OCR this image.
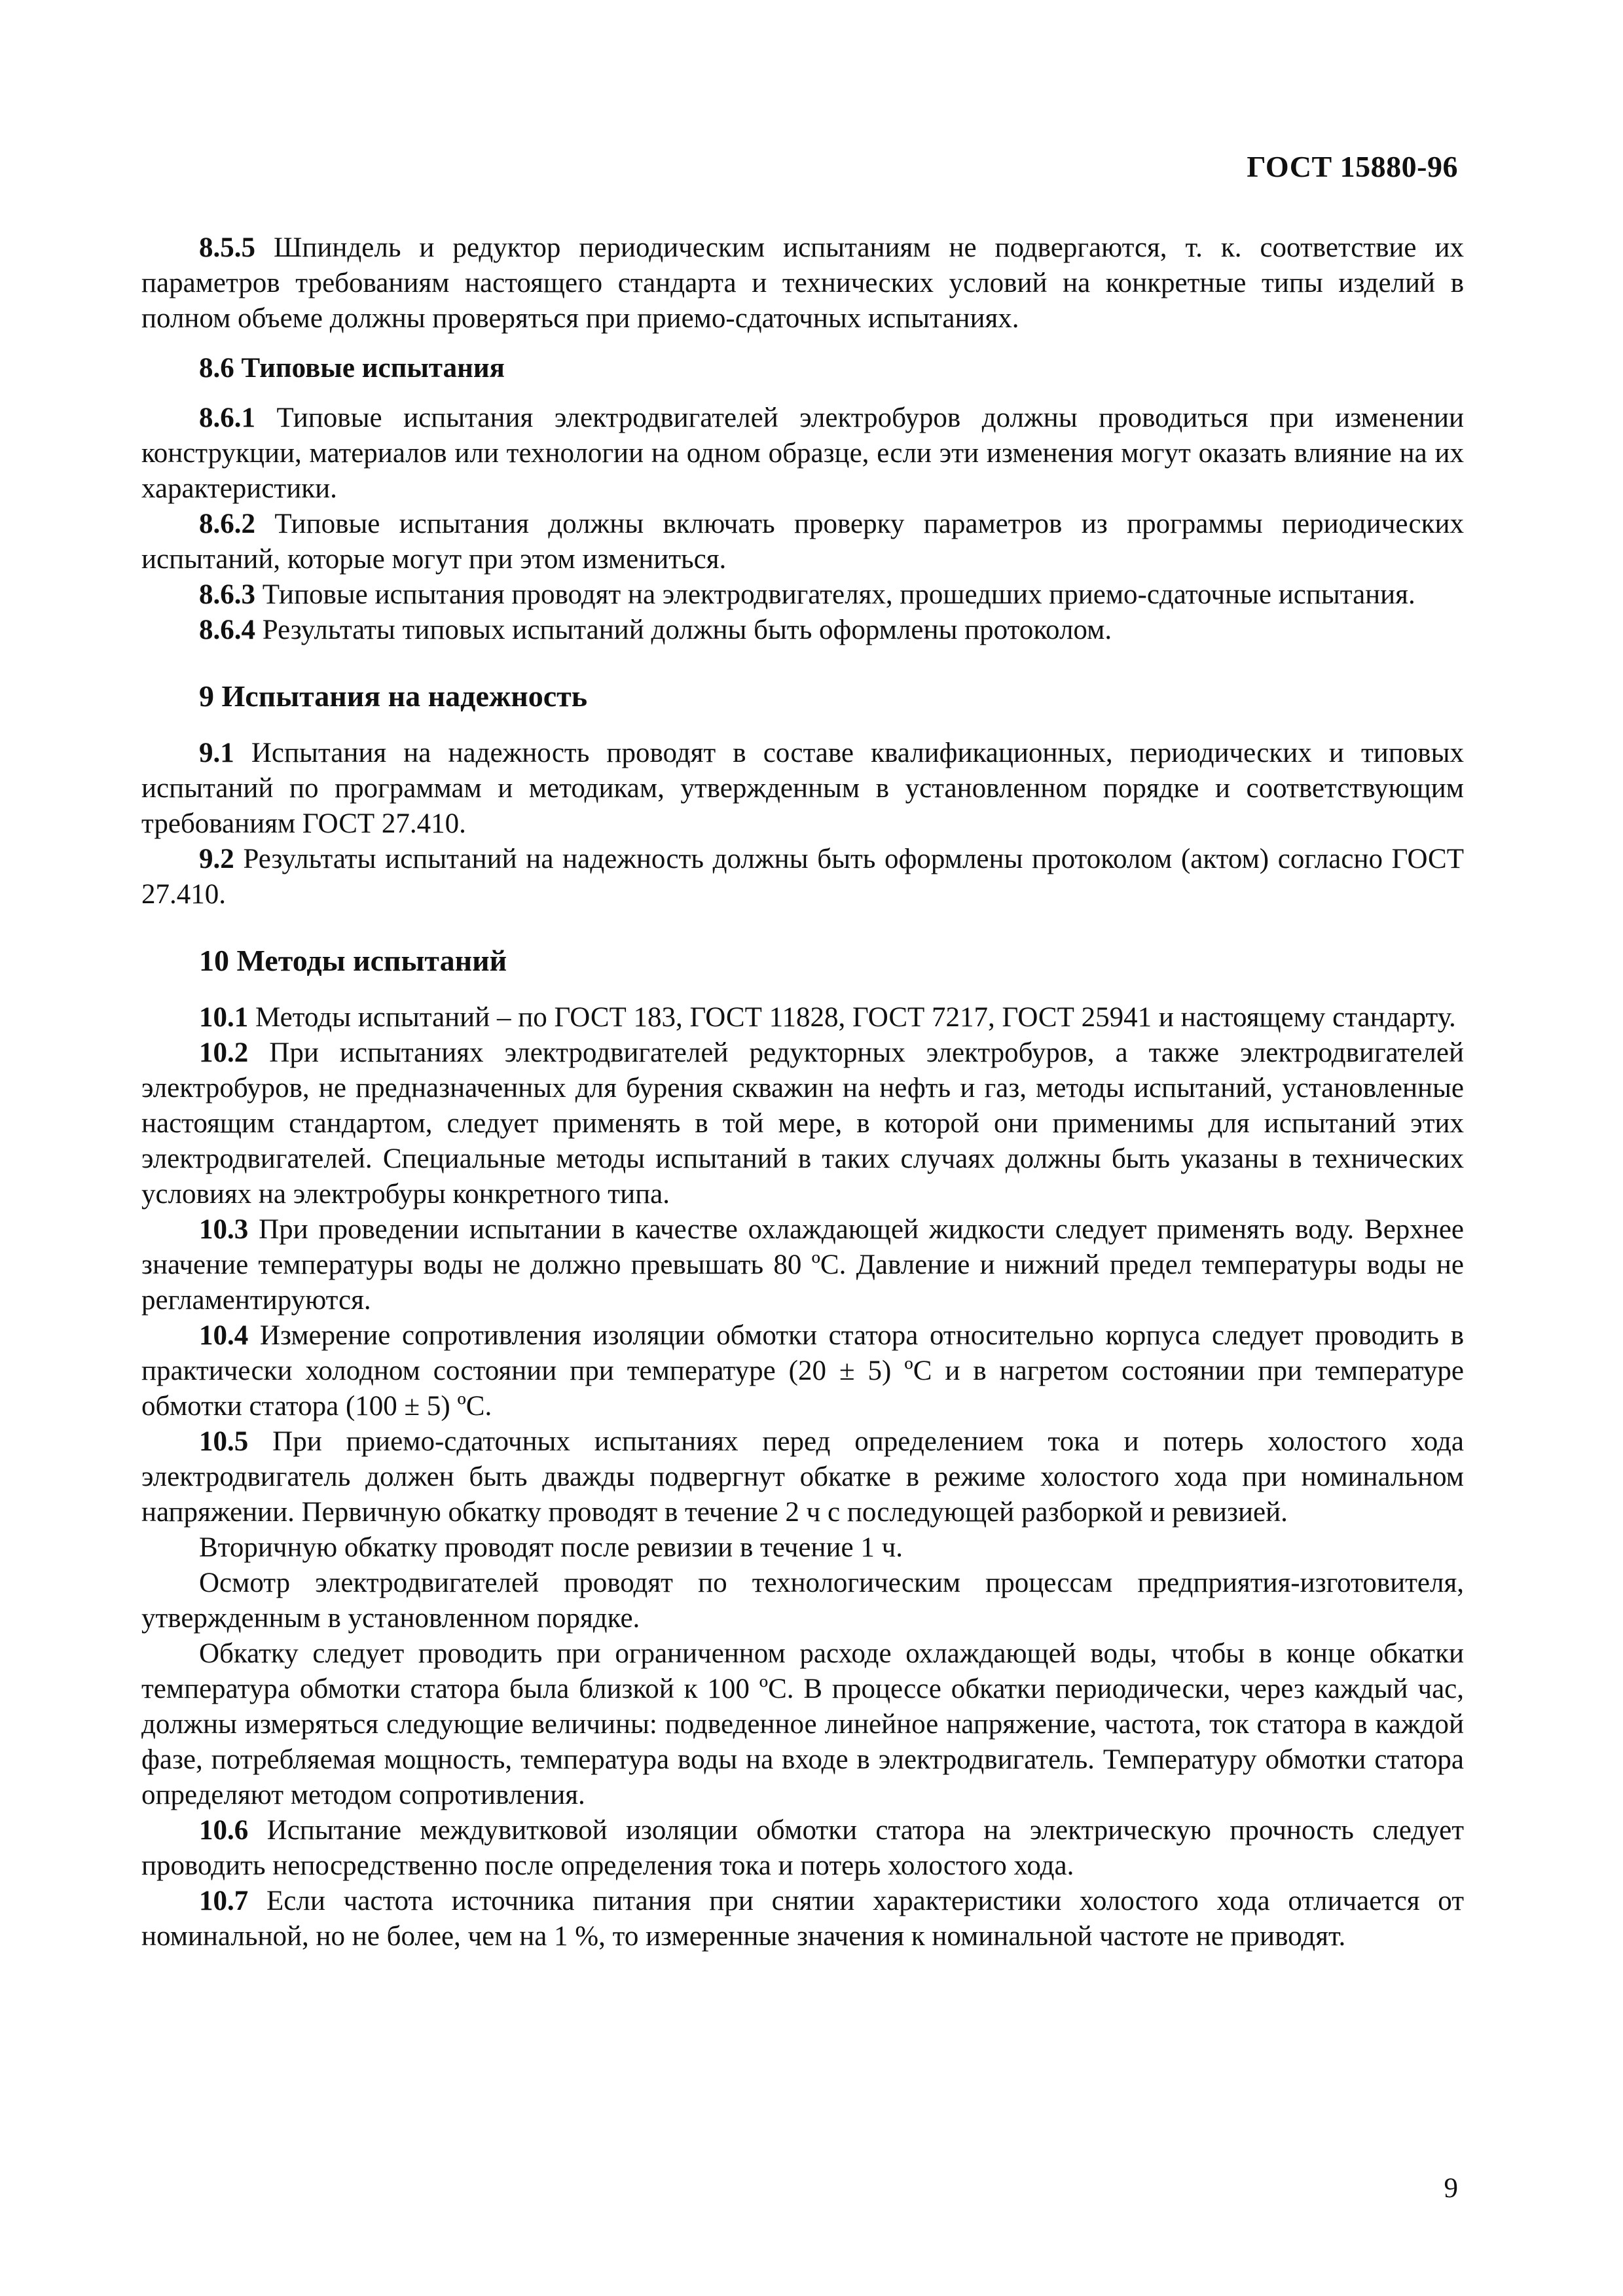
ГОСТ 15880-96

8.5.5 Шпиндель и редуктор периодическим испытаниям не подвергаются, т. к. соответствие их параметров требованиям настоящего стандарта и технических условий на конкретные типы изделий в полном объеме должны проверяться при приемо-сдаточных испытаниях.

8.6 Типовые испытания

8.6.1 Типовые испытания электродвигателей электробуров должны проводиться при изменении конструкции, материалов или технологии на одном образце, если эти изменения могут оказать влияние на их характеристики.

8.6.2 Типовые испытания должны включать проверку параметров из программы периодических испытаний, которые могут при этом измениться.

8.6.3 Типовые испытания проводят на электродвигателях, прошедших приемо-сдаточные испытания.

8.6.4 Результаты типовых испытаний должны быть оформлены протоколом.

9 Испытания на надежность

9.1 Испытания на надежность проводят в составе квалификационных, периодических и типовых испытаний по программам и методикам, утвержденным в установленном порядке и соответствующим требованиям ГОСТ 27.410.

9.2 Результаты испытаний на надежность должны быть оформлены протоколом (актом) согласно ГОСТ 27.410.

10 Методы испытаний

10.1 Методы испытаний – по ГОСТ 183, ГОСТ 11828, ГОСТ 7217, ГОСТ 25941 и настоящему стандарту.

10.2 При испытаниях электродвигателей редукторных электробуров, а также электродвигателей электробуров, не предназначенных для бурения скважин на нефть и газ, методы испытаний, установленные настоящим стандартом, следует применять в той мере, в которой они применимы для испытаний этих электродвигателей. Специальные методы испытаний в таких случаях должны быть указаны в технических условиях на электробуры конкретного типа.

10.3 При проведении испытании в качестве охлаждающей жидкости следует применять воду. Верхнее значение температуры воды не должно превышать 80 ºС. Давление и нижний предел температуры воды не регламентируются.

10.4 Измерение сопротивления изоляции обмотки статора относительно корпуса следует проводить в практически холодном состоянии при температуре (20 ± 5) ºС и в нагретом состоянии при температуре обмотки статора (100 ± 5) ºС.

10.5 При приемо-сдаточных испытаниях перед определением тока и потерь холостого хода электродвигатель должен быть дважды подвергнут обкатке в режиме холостого хода при номинальном напряжении. Первичную обкатку проводят в течение 2 ч с последующей разборкой и ревизией.

Вторичную обкатку проводят после ревизии в течение 1 ч.

Осмотр электродвигателей проводят по технологическим процессам предприятия-изготовителя, утвержденным в установленном порядке.

Обкатку следует проводить при ограниченном расходе охлаждающей воды, чтобы в конце обкатки температура обмотки статора была близкой к 100 ºС. В процессе обкатки периодически, через каждый час, должны измеряться следующие величины: подведенное линейное напряжение, частота, ток статора в каждой фазе, потребляемая мощность, температура воды на входе в электродвигатель. Температуру обмотки статора определяют методом сопротивления.

10.6 Испытание междувитковой изоляции обмотки статора на электрическую прочность следует проводить непосредственно после определения тока и потерь холостого хода.

10.7 Если частота источника питания при снятии характеристики холостого хода отличается от номинальной, но не более, чем на 1 %, то измеренные значения к номинальной частоте не приводят.

9
